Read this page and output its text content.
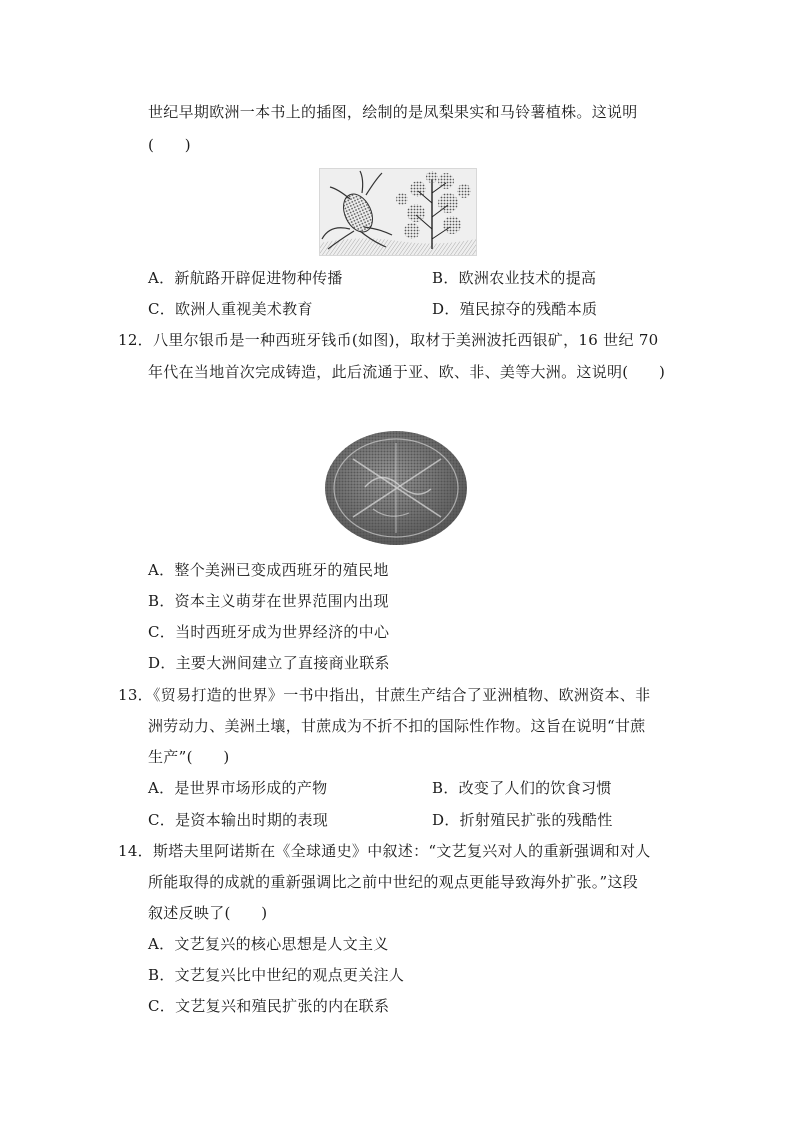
世纪早期欧洲一本书上的插图，绘制的是凤梨果实和马铃薯植株。这说明
(　　)
A．新航路开辟促进物种传播	B．欧洲农业技术的提高
C．欧洲人重视美术教育	D．殖民掠夺的残酷本质
12．八里尔银币是一种西班牙钱币(如图)，取材于美洲波托西银矿，16 世纪 70
年代在当地首次完成铸造，此后流通于亚、欧、非、美等大洲。这说明(　　)
A．整个美洲已变成西班牙的殖民地
B．资本主义萌芽在世界范围内出现
C．当时西班牙成为世界经济的中心
D．主要大洲间建立了直接商业联系
13．《贸易打造的世界》一书中指出，甘蔗生产结合了亚洲植物、欧洲资本、非
洲劳动力、美洲土壤，甘蔗成为不折不扣的国际性作物。这旨在说明“甘蔗
生产”(　　)
A．是世界市场形成的产物	B．改变了人们的饮食习惯
C．是资本输出时期的表现	D．折射殖民扩张的残酷性
14．斯塔夫里阿诺斯在《全球通史》中叙述：“文艺复兴对人的重新强调和对人
所能取得的成就的重新强调比之前中世纪的观点更能导致海外扩张。”这段
叙述反映了(　　)
A．文艺复兴的核心思想是人文主义
B．文艺复兴比中世纪的观点更关注人
C．文艺复兴和殖民扩张的内在联系
